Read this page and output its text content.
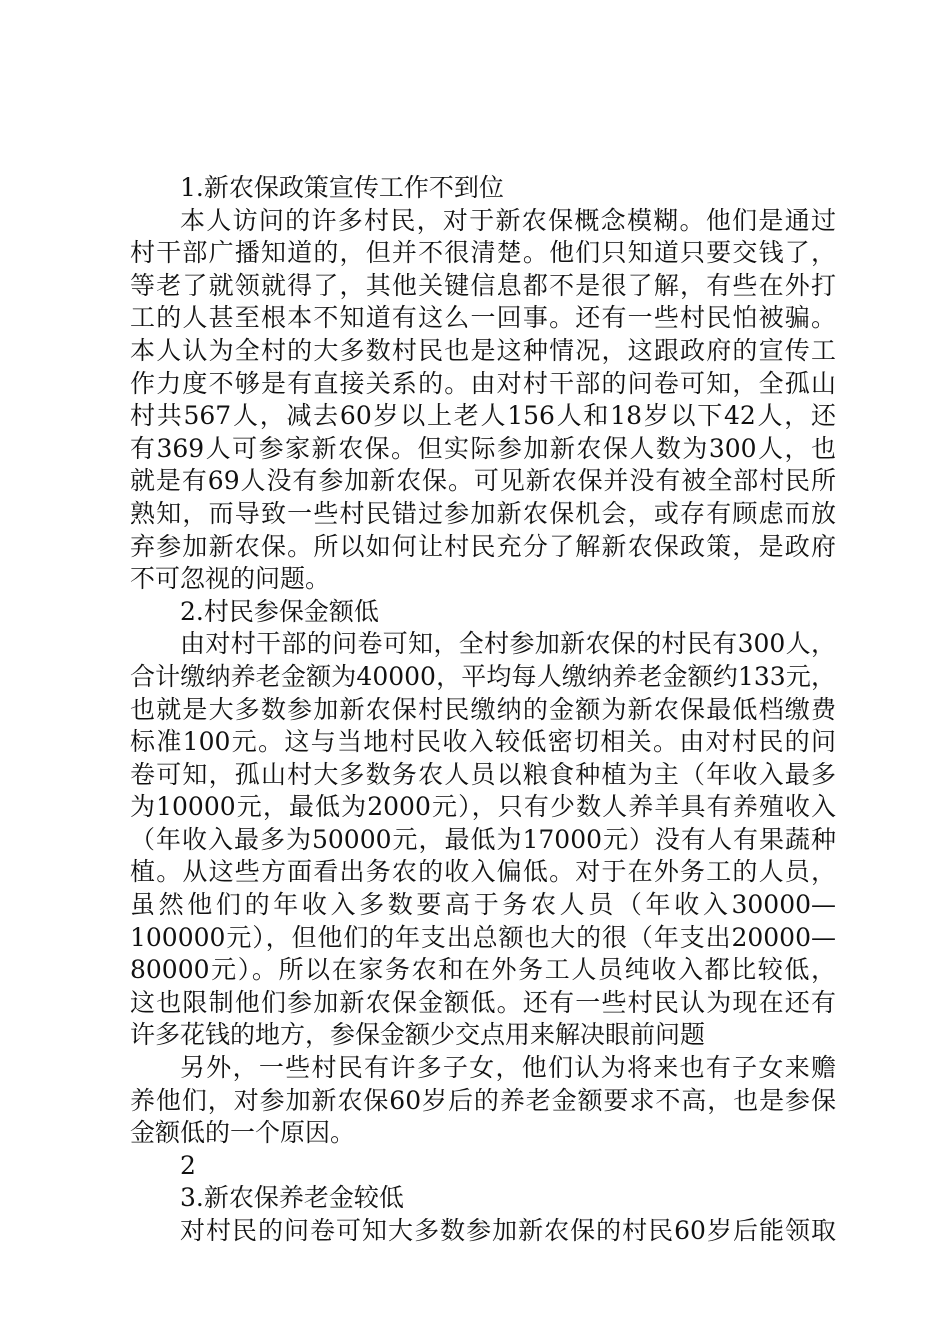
1.新农保政策宣传工作不到位
本人访问的许多村民，对于新农保概念模糊。他们是通过
村干部广播知道的，但并不很清楚。他们只知道只要交钱了，
等老了就领就得了，其他关键信息都不是很了解，有些在外打
工的人甚至根本不知道有这么一回事。还有一些村民怕被骗。
本人认为全村的大多数村民也是这种情况，这跟政府的宣传工
作力度不够是有直接关系的。由对村干部的问卷可知，全孤山
村共567人，减去60岁以上老人156人和18岁以下42人，还
有369人可参家新农保。但实际参加新农保人数为300人，也
就是有69人没有参加新农保。可见新农保并没有被全部村民所
熟知，而导致一些村民错过参加新农保机会，或存有顾虑而放
弃参加新农保。所以如何让村民充分了解新农保政策，是政府
不可忽视的问题。
2.村民参保金额低
由对村干部的问卷可知，全村参加新农保的村民有300人，
合计缴纳养老金额为40000，平均每人缴纳养老金额约133元，
也就是大多数参加新农保村民缴纳的金额为新农保最低档缴费
标准100元。这与当地村民收入较低密切相关。由对村民的问
卷可知，孤山村大多数务农人员以粮食种植为主（年收入最多
为10000元，最低为2000元），只有少数人养羊具有养殖收入
（年收入最多为50000元，最低为17000元）没有人有果蔬种
植。从这些方面看出务农的收入偏低。对于在外务工的人员，
虽然他们的年收入多数要高于务农人员（年收入30000—
100000元），但他们的年支出总额也大的很（年支出20000—
80000元）。所以在家务农和在外务工人员纯收入都比较低，
这也限制他们参加新农保金额低。还有一些村民认为现在还有
许多花钱的地方，参保金额少交点用来解决眼前问题
另外，一些村民有许多子女，他们认为将来也有子女来赡
养他们，对参加新农保60岁后的养老金额要求不高，也是参保
金额低的一个原因。
2
3.新农保养老金较低
对村民的问卷可知大多数参加新农保的村民60岁后能领取
